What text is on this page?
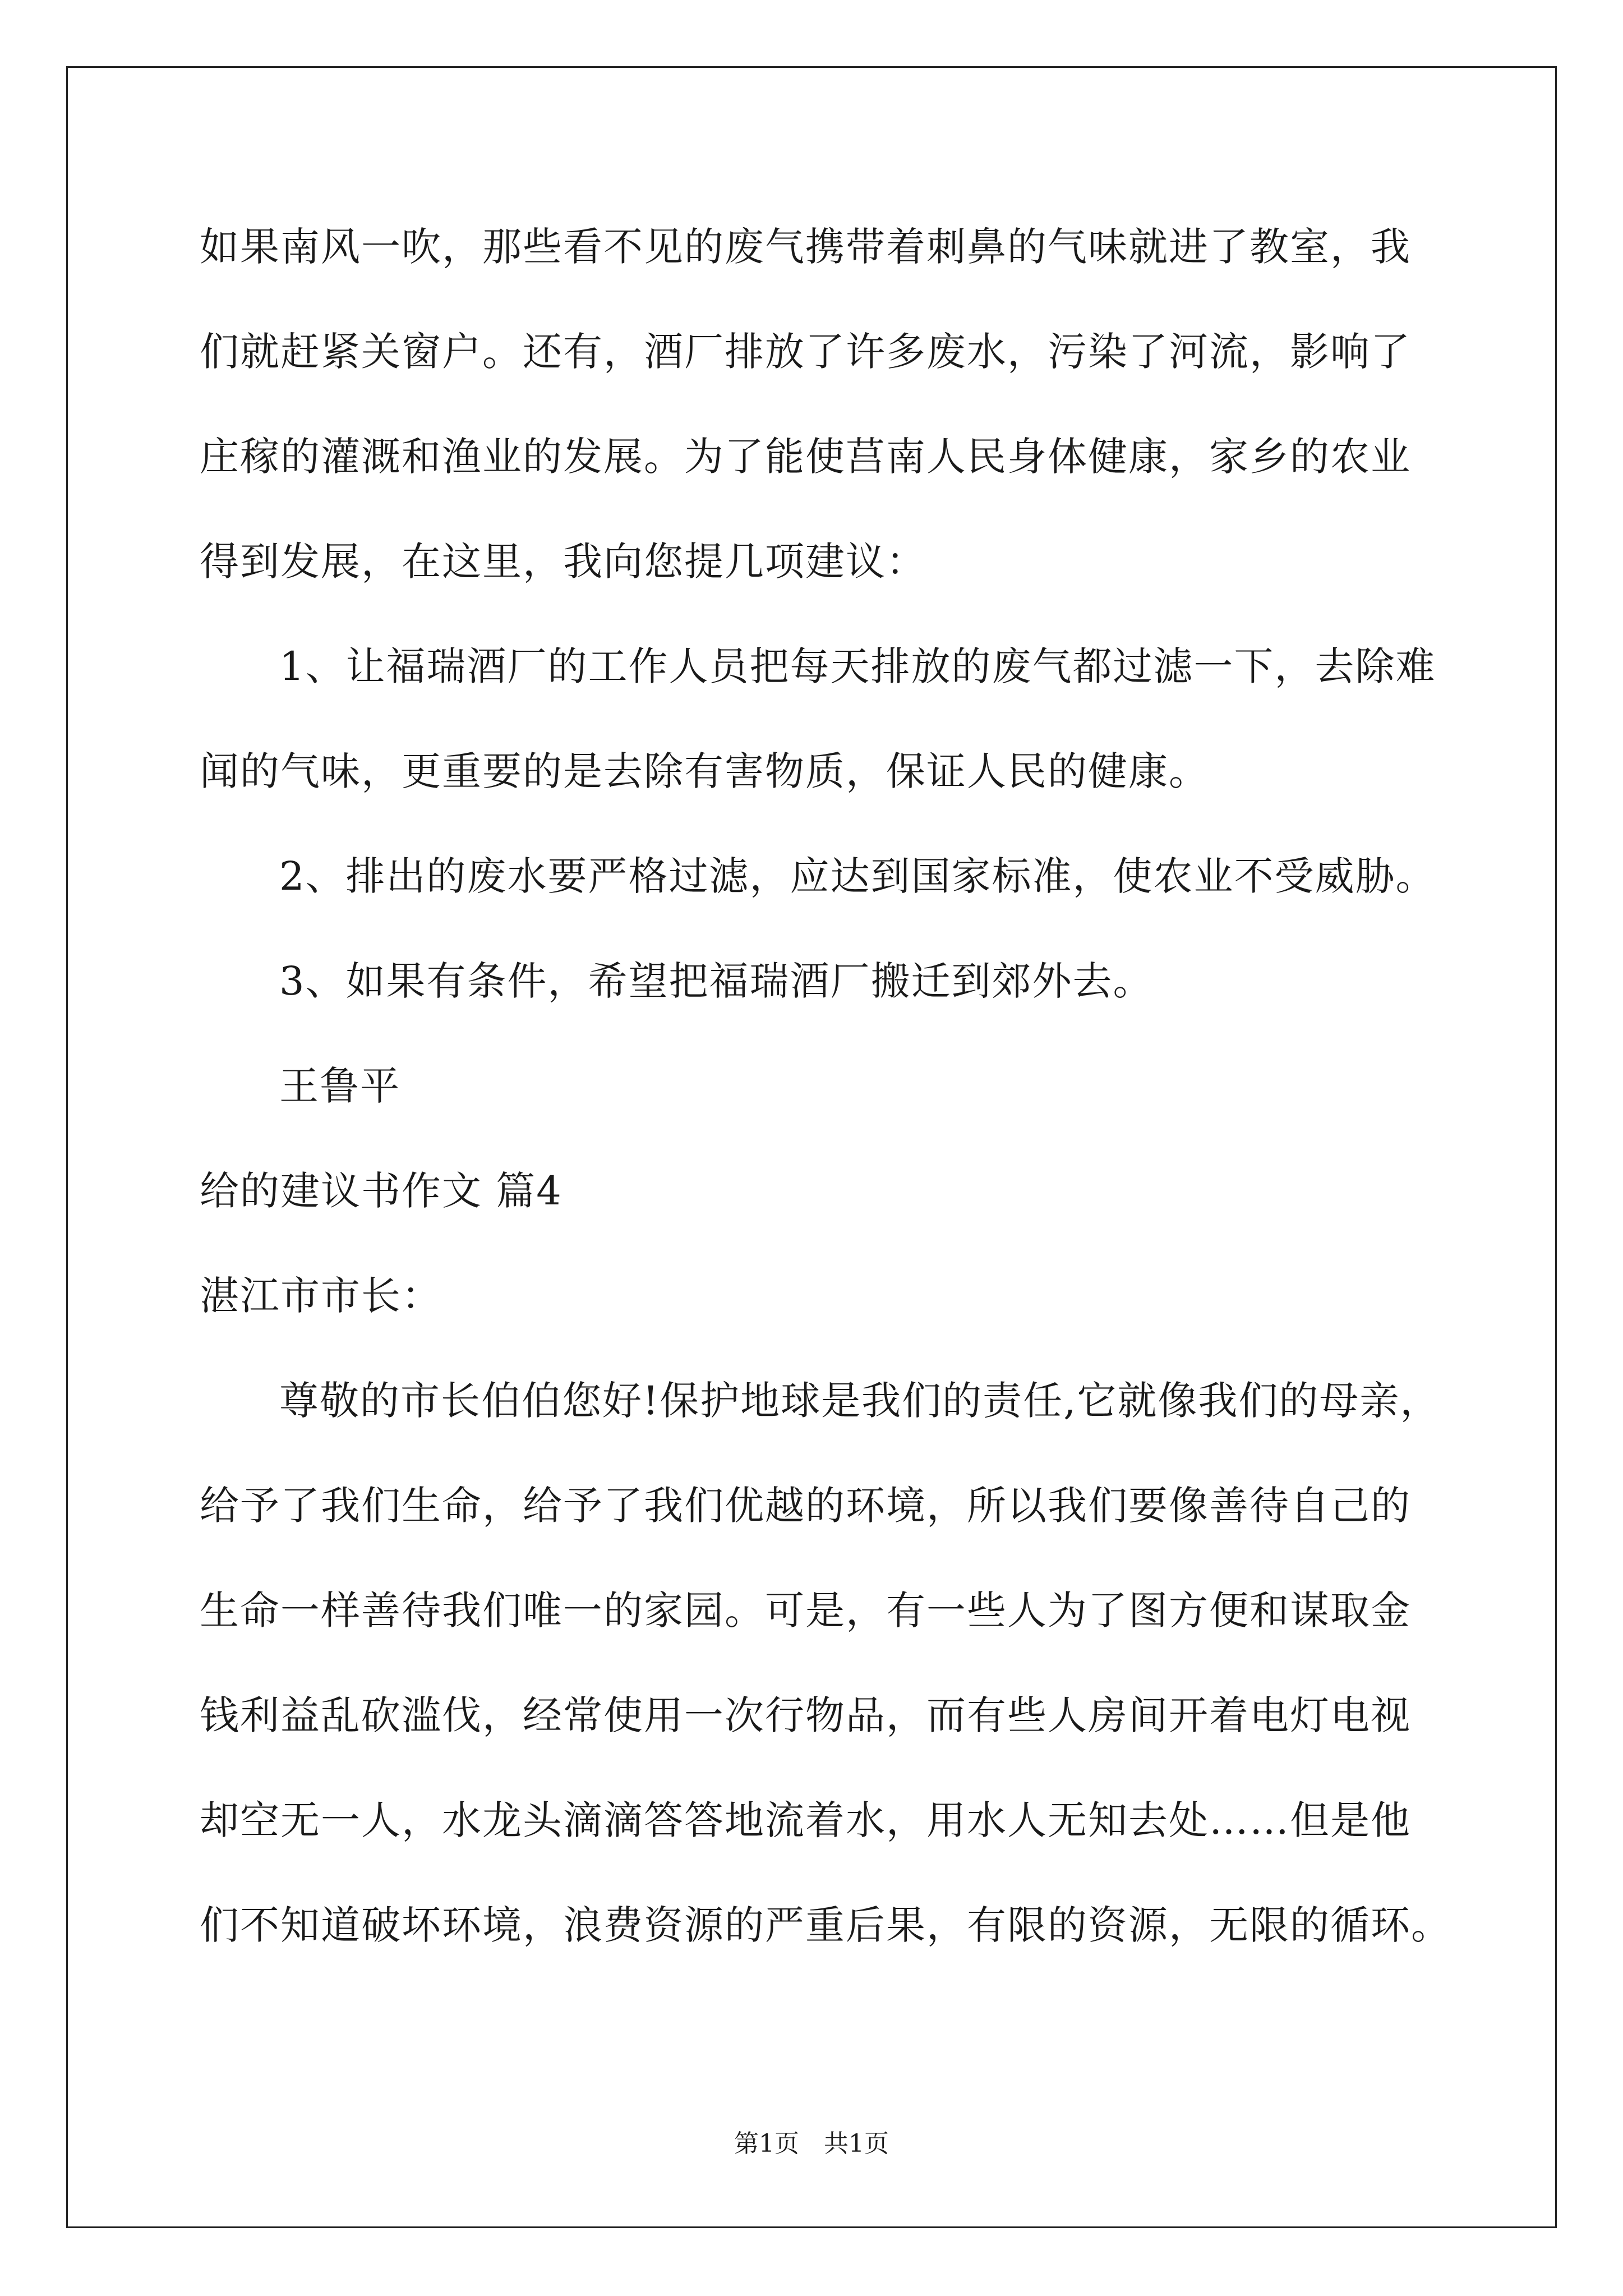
如果南风一吹，那些看不见的废气携带着刺鼻的气味就进了教室，我
们就赶紧关窗户。还有，酒厂排放了许多废水，污染了河流，影响了
庄稼的灌溉和渔业的发展。为了能使莒南人民身体健康，家乡的农业
得到发展，在这里，我向您提几项建议：
1、让福瑞酒厂的工作人员把每天排放的废气都过滤一下，去除难
闻的气味，更重要的是去除有害物质，保证人民的健康。
2、排出的废水要严格过滤，应达到国家标准，使农业不受威胁。
3、如果有条件，希望把福瑞酒厂搬迁到郊外去。
王鲁平
给的建议书作文 篇4
湛江市市长：
尊敬的市长伯伯您好!保护地球是我们的责任,它就像我们的母亲，
给予了我们生命，给予了我们优越的环境，所以我们要像善待自己的
生命一样善待我们唯一的家园。可是，有一些人为了图方便和谋取金
钱利益乱砍滥伐，经常使用一次行物品，而有些人房间开着电灯电视
却空无一人，水龙头滴滴答答地流着水，用水人无知去处……但是他
们不知道破坏环境，浪费资源的严重后果，有限的资源，无限的循环。
第1页　共1页
